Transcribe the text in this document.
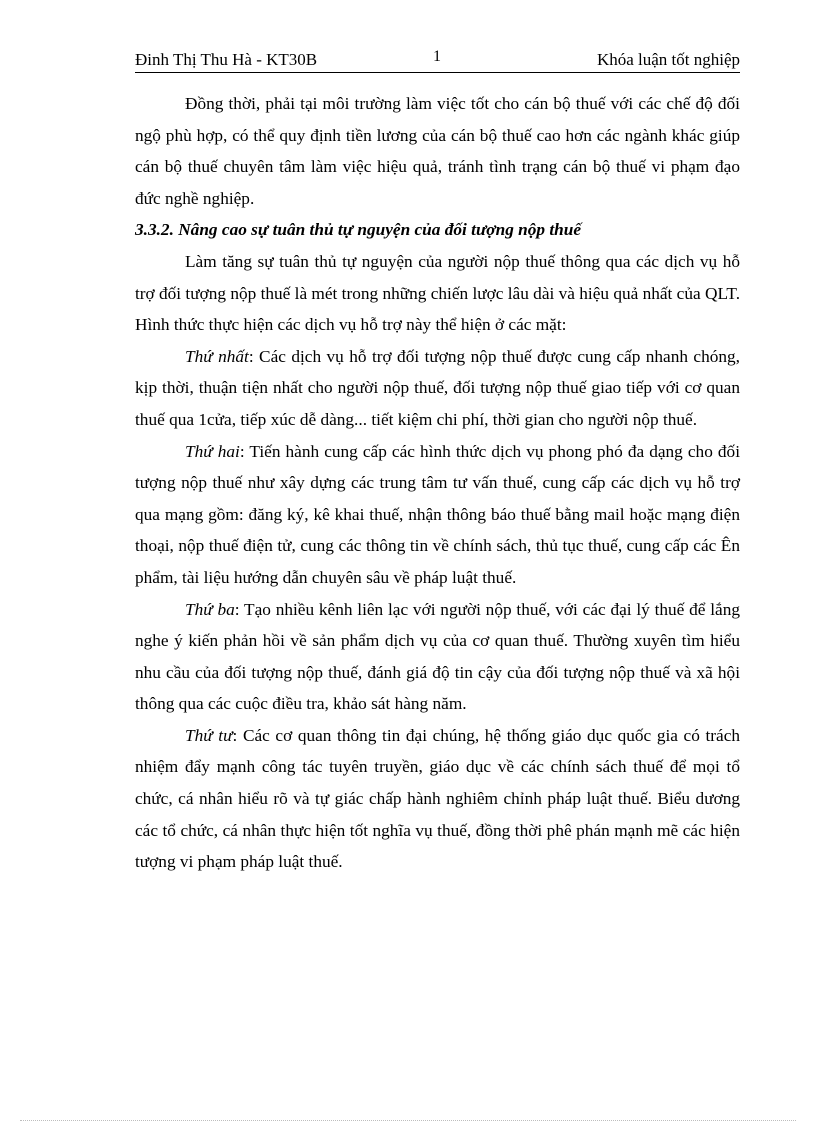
Đinh Thị Thu Hà - KT30B	1	Khóa luận tốt nghiệp

Đồng thời, phải tại môi trường làm việc tốt cho cán bộ thuế với các chế độ đối ngộ phù hợp, có thể quy định tiền lương của cán bộ thuế cao hơn các ngành khác giúp cán bộ thuế chuyên tâm làm việc hiệu quả, tránh tình trạng cán bộ thuế vi phạm đạo đức nghề nghiệp.

3.3.2. Nâng cao sự tuân thủ tự nguyện của đối tượng nộp thuế

Làm tăng sự tuân thủ tự nguyện của người nộp thuế thông qua các dịch vụ hỗ trợ đối tượng nộp thuế là mét trong những chiến lược lâu dài và hiệu quả nhất của QLT. Hình thức thực hiện các dịch vụ hỗ trợ này thể hiện ở các mặt:

Thứ nhất: Các dịch vụ hỗ trợ đối tượng nộp thuế được cung cấp nhanh chóng, kịp thời, thuận tiện nhất cho người nộp thuế, đối tượng nộp thuế giao tiếp với cơ quan thuế qua 1cửa, tiếp xúc dễ dàng... tiết kiệm chi phí, thời gian cho người nộp thuế.

Thứ hai: Tiến hành cung cấp các hình thức dịch vụ phong phó đa dạng cho đối tượng nộp thuế như xây dựng các trung tâm tư vấn thuế, cung cấp các dịch vụ hỗ trợ qua mạng gồm: đăng ký, kê khai thuế, nhận thông báo thuế bằng mail hoặc mạng điện thoại, nộp thuế điện tử, cung các thông tin về chính sách, thủ tục thuế, cung cấp các Ên phẩm, tài liệu hướng dẫn chuyên sâu về pháp luật thuế.

Thứ ba: Tạo nhiều kênh liên lạc với người nộp thuế, với các đại lý thuế để lắng nghe ý kiến phản hồi về sản phẩm dịch vụ của cơ quan thuế. Thường xuyên tìm hiểu nhu cầu của đối tượng nộp thuế, đánh giá độ tin cậy của đối tượng nộp thuế và xã hội thông qua các cuộc điều tra, khảo sát hàng năm.

Thứ tư: Các cơ quan thông tin đại chúng, hệ thống giáo dục quốc gia có trách nhiệm đẩy mạnh công tác tuyên truyền, giáo dục về các chính sách thuế để mọi tổ chức, cá nhân hiểu rõ và tự giác chấp hành nghiêm chỉnh pháp luật thuế. Biểu dương các tổ chức, cá nhân thực hiện tốt nghĩa vụ thuế, đồng thời phê phán mạnh mẽ các hiện tượng vi phạm pháp luật thuế.
